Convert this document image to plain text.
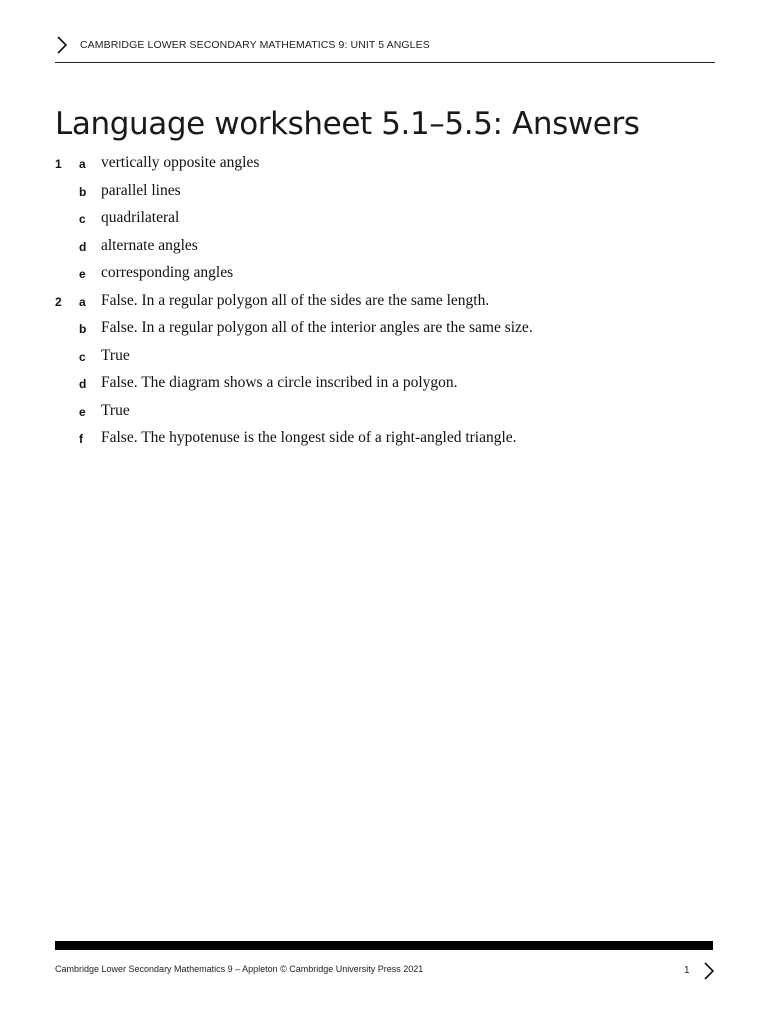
CAMBRIDGE LOWER SECONDARY MATHEMATICS 9: UNIT 5 ANGLES
Language worksheet 5.1–5.5: Answers
1 a vertically opposite angles
b parallel lines
c quadrilateral
d alternate angles
e corresponding angles
2 a False. In a regular polygon all of the sides are the same length.
b False. In a regular polygon all of the interior angles are the same size.
c True
d False. The diagram shows a circle inscribed in a polygon.
e True
f False. The hypotenuse is the longest side of a right-angled triangle.
Cambridge Lower Secondary Mathematics 9 – Appleton © Cambridge University Press 2021	1
